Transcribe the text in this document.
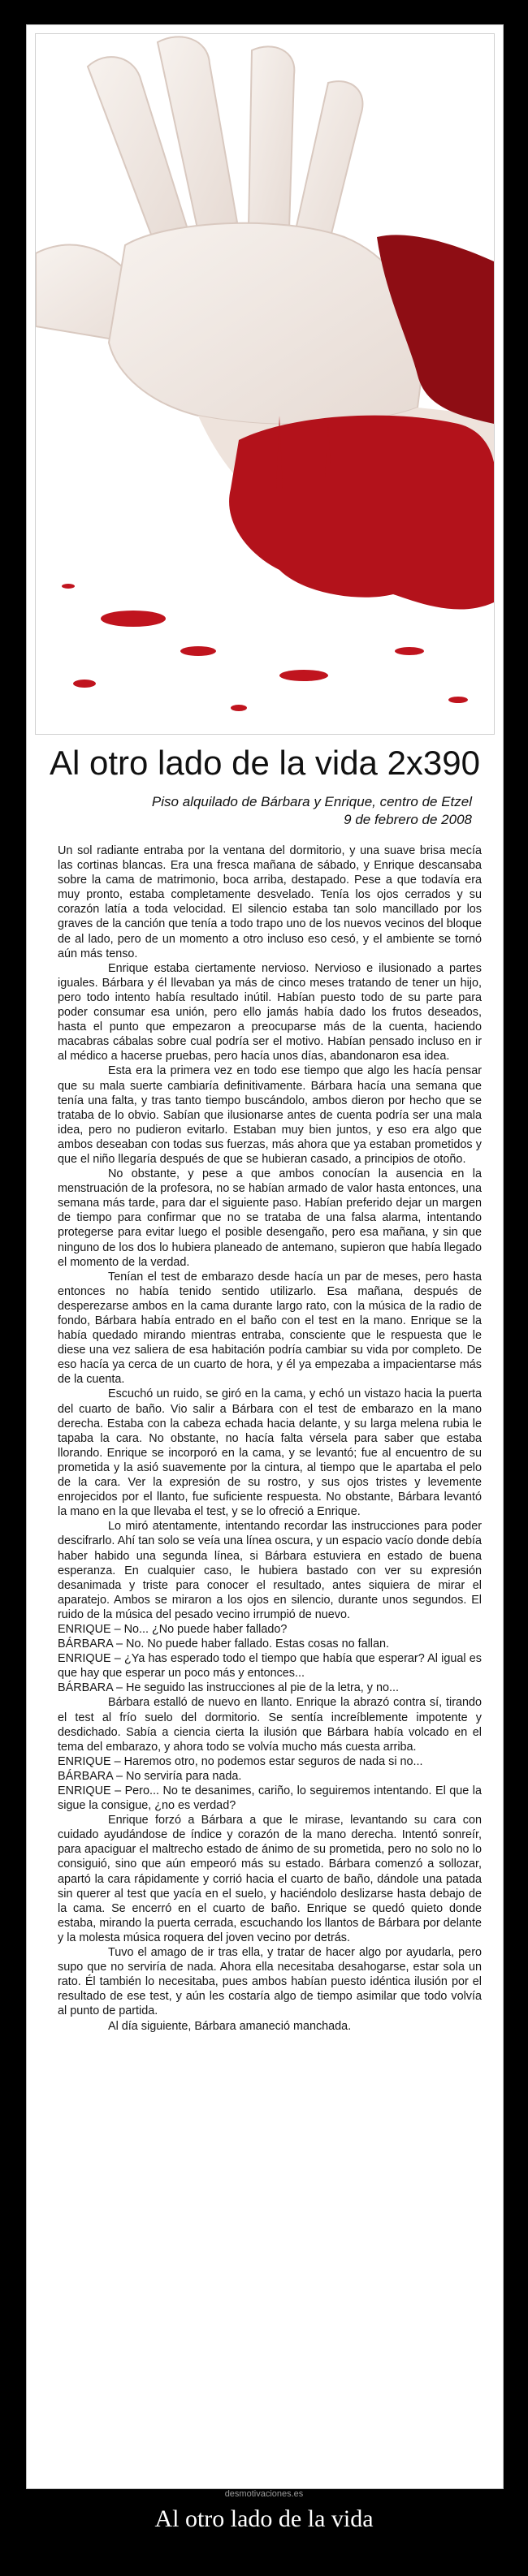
Al otro lado de la vida 2x390
Piso alquilado de Bárbara y Enrique, centro de Etzel
9 de febrero de 2008

Un sol radiante entraba por la ventana del dormitorio, y una suave brisa mecía las cortinas blancas. Era una fresca mañana de sábado, y Enrique descansaba sobre la cama de matrimonio, boca arriba, destapado. Pese a que todavía era muy pronto, estaba completamente desvelado. Tenía los ojos cerrados y su corazón latía a toda velocidad. El silencio estaba tan solo mancillado por los graves de la canción que tenía a todo trapo uno de los nuevos vecinos del bloque de al lado, pero de un momento a otro incluso eso cesó, y el ambiente se tornó aún más tenso.

Enrique estaba ciertamente nervioso. Nervioso e ilusionado a partes iguales. Bárbara y él llevaban ya más de cinco meses tratando de tener un hijo, pero todo intento había resultado inútil. Habían puesto todo de su parte para poder consumar esa unión, pero ello jamás había dado los frutos deseados, hasta el punto que empezaron a preocuparse más de la cuenta, haciendo macabras cábalas sobre cual podría ser el motivo. Habían pensado incluso en ir al médico a hacerse pruebas, pero hacía unos días, abandonaron esa idea.

Esta era la primera vez en todo ese tiempo que algo les hacía pensar que su mala suerte cambiaría definitivamente. Bárbara hacía una semana que tenía una falta, y tras tanto tiempo buscándolo, ambos dieron por hecho que se trataba de lo obvio. Sabían que ilusionarse antes de cuenta podría ser una mala idea, pero no pudieron evitarlo. Estaban muy bien juntos, y eso era algo que ambos deseaban con todas sus fuerzas, más ahora que ya estaban prometidos y que el niño llegaría después de que se hubieran casado, a principios de otoño.

No obstante, y pese a que ambos conocían la ausencia en la menstruación de la profesora, no se habían armado de valor hasta entonces, una semana más tarde, para dar el siguiente paso. Habían preferido dejar un margen de tiempo para confirmar que no se trataba de una falsa alarma, intentando protegerse para evitar luego el posible desengaño, pero esa mañana, y sin que ninguno de los dos lo hubiera planeado de antemano, supieron que había llegado el momento de la verdad.

Tenían el test de embarazo desde hacía un par de meses, pero hasta entonces no había tenido sentido utilizarlo. Esa mañana, después de desperezarse ambos en la cama durante largo rato, con la música de la radio de fondo, Bárbara había entrado en el baño con el test en la mano. Enrique se la había quedado mirando mientras entraba, consciente que le respuesta que le diese una vez saliera de esa habitación podría cambiar su vida por completo. De eso hacía ya cerca de un cuarto de hora, y él ya empezaba a impacientarse más de la cuenta.

Escuchó un ruido, se giró en la cama, y echó un vistazo hacia la puerta del cuarto de baño. Vio salir a Bárbara con el test de embarazo en la mano derecha. Estaba con la cabeza echada hacia delante, y su larga melena rubia le tapaba la cara. No obstante, no hacía falta vérsela para saber que estaba llorando. Enrique se incorporó en la cama, y se levantó; fue al encuentro de su prometida y la asió suavemente por la cintura, al tiempo que le apartaba el pelo de la cara. Ver la expresión de su rostro, y sus ojos tristes y levemente enrojecidos por el llanto, fue suficiente respuesta. No obstante, Bárbara levantó la mano en la que llevaba el test, y se lo ofreció a Enrique.

Lo miró atentamente, intentando recordar las instrucciones para poder descifrarlo. Ahí tan solo se veía una línea oscura, y un espacio vacío donde debía haber habido una segunda línea, si Bárbara estuviera en estado de buena esperanza. En cualquier caso, le hubiera bastado con ver su expresión desanimada y triste para conocer el resultado, antes siquiera de mirar el aparatejo. Ambos se miraron a los ojos en silencio, durante unos segundos. El ruido de la música del pesado vecino irrumpió de nuevo.

ENRIQUE – No... ¿No puede haber fallado?

BÁRBARA – No. No puede haber fallado. Estas cosas no fallan.

ENRIQUE – ¿Ya has esperado todo el tiempo que había que esperar? Al igual es que hay que esperar un poco más y entonces...

BÁRBARA – He seguido las instrucciones al pie de la letra, y no...

Bárbara estalló de nuevo en llanto. Enrique la abrazó contra sí, tirando el test al frío suelo del dormitorio. Se sentía increíblemente impotente y desdichado. Sabía a ciencia cierta la ilusión que Bárbara había volcado en el tema del embarazo, y ahora todo se volvía mucho más cuesta arriba.

ENRIQUE – Haremos otro, no podemos estar seguros de nada si no...

BÁRBARA – No serviría para nada.

ENRIQUE – Pero... No te desanimes, cariño, lo seguiremos intentando. El que la sigue la consigue, ¿no es verdad?

Enrique forzó a Bárbara a que le mirase, levantando su cara con cuidado ayudándose de índice y corazón de la mano derecha. Intentó sonreír, para apaciguar el maltrecho estado de ánimo de su prometida, pero no solo no lo consiguió, sino que aún empeoró más su estado. Bárbara comenzó a sollozar, apartó la cara rápidamente y corrió hacia el cuarto de baño, dándole una patada sin querer al test que yacía en el suelo, y haciéndolo deslizarse hasta debajo de la cama. Se encerró en el cuarto de baño. Enrique se quedó quieto donde estaba, mirando la puerta cerrada, escuchando los llantos de Bárbara por delante y la molesta música roquera del joven vecino por detrás.

Tuvo el amago de ir tras ella, y tratar de hacer algo por ayudarla, pero supo que no serviría de nada. Ahora ella necesitaba desahogarse, estar sola un rato. Él también lo necesitaba, pues ambos habían puesto idéntica ilusión por el resultado de ese test, y aún les costaría algo de tiempo asimilar que todo volvía al punto de partida.

Al día siguiente, Bárbara amaneció manchada.

desmotivaciones.es
Al otro lado de la vida
